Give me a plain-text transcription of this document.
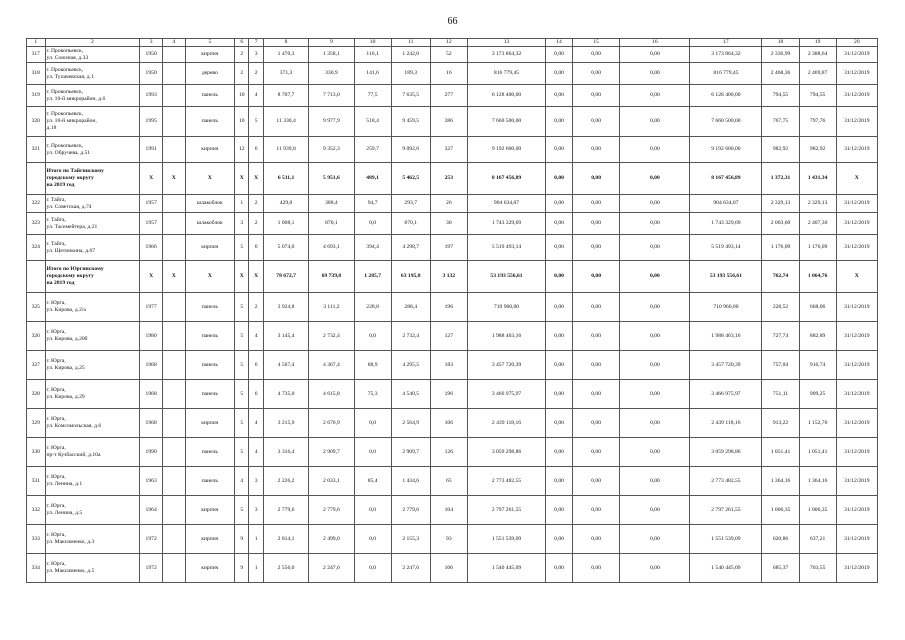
66
1	2	3	4	5	6	7	8	9	10	11	12	13	14	15	16	17	18	19	20
317	г. Прокопьевск,
ул. Союзная, д.33	1950		кирпич	2	3	1 470,3	1 358,1	116,1	1 242,0	52	3 173 864,32	0,00	0,00	0,00	3 173 864,32	2 336,99	2 388,64	31/12/2019
318	г. Прокопьевск,
ул. Тупачевская, д.1	1950		дерево	2	2	371,3	330,9	141,6	189,3	16	816 779,45	0,00	0,00	0,00	816 779,45	2 468,36	2 469,87	31/12/2019
319	г. Прокопьевск,
ул. 10-й микрорайон, д.6	1993		панель	10	4	8 707,7	7 713,0	77,5	7 635,5	277	6 128 400,00	0,00	0,00	0,00	6 128 400,00	794,55	794,55	31/12/2019
320	г. Прокопьевск,
ул. 10-й микрорайон,
д.18	1995		панель	10	5	11 330,4	9 977,9	518,4	9 459,5	386	7 660 500,00	0,00	0,00	0,00	7 660 500,00	767,75	797,76	31/12/2019
321	г. Прокопьевск,
ул. Обручева, д.51	1991		кирпич	12	6	11 939,8	9 352,3	259,7	9 092,6	327	9 192 600,00	0,00	0,00	0,00	9 192 600,00	982,92	982,92	31/12/2019
	Итого по Тайгинскому
городскому округу
на 2019 год	X	X	X	X	X	6 511,1	5 951,6	489,1	5 462,5	253	8 167 456,89	0,00	0,00	0,00	8 167 456,89	1 372,31	1 431,34	X
322	г. Тайга,
ул. Советская, д.74	1957		шлакоблок	1	2	429,0	388,4	94,7	293,7	26	904 634,07	0,00	0,00	0,00	904 634,07	2 329,13	2 329,13	31/12/2019
323	г. Тайга,
ул. Тасемейтера, д.21	1957		шлакоблок	3	2	1 008,1	870,1	0,0	870,1	30	1 743 329,69	0,00	0,00	0,00	1 743 329,69	2 003,60	2 407,30	31/12/2019
324	г. Тайга,
ул. Щетинкина, д.67	1966		кирпич	5	6	5 074,0	4 693,1	394,4	4 298,7	197	5 519 493,14	0,00	0,00	0,00	5 519 493,14	1 176,09	1 176,09	31/12/2019
	Итого по Юргинскому
городскому округу
на 2019 год	X	X	X	X	X	78 672,7	69 739,8	1 285,7	63 195,8	3 132	53 193 556,61	0,00	0,00	0,00	53 193 556,61	762,74	1 064,76	X
325	г. Юрга,
ул. Кирова, д.2/а	1977		панель	5	2	3 924,8	3 111,2	228,8	288,4	196	710 960,00	0,00	0,00	0,00	710 960,00	228,52	668,06	31/12/2019
326	г. Юрга,
ул. Кирова, д.20б	1980		панель	5	4	3 145,4	2 732,4	0,0	2 732,4	127	1 988 463,16	0,00	0,00	0,00	1 988 463,16	727,74	882,89	31/12/2019
327	г. Юрга,
ул. Кирова, д.25	1968		панель	5	6	4 567,4	4 367,4	88,9	4 295,5	183	3 457 720,39	0,00	0,00	0,00	3 457 720,39	757,04	916,74	31/12/2019
328	г. Юрга,
ул. Кирова, д.29	1968		панель	5	6	4 735,0	4 615,8	75,3	4 540,5	196	3 466 975,97	0,00	0,00	0,00	3 466 975,97	751,11	909,25	31/12/2019
329	г. Юрга,
ул. Комсомольская, д.6	1968		кирпич	5	4	3 215,9	2 670,9	0,0	2 564,9	106	2 439 118,16	0,00	0,00	0,00	2 439 118,16	913,22	1 152,70	31/12/2019
330	г. Юрга,
пр-т Кузбасский, д.10а	1990		панель	5	4	3 316,4	2 909,7	0,0	2 909,7	126	3 059 298,86	0,00	0,00	0,00	3 059 298,86	1 051,41	1 051,41	31/12/2019
331	г. Юрга,
ул. Ленина, д.1	1963		панель	4	3	2 226,2	2 033,1	85,4	1 434,6	65	2 773 482,55	0,00	0,00	0,00	2 773 482,55	1 364,16	1 364,16	31/12/2019
332	г. Юрга,
ул. Ленина, д.5	1964		кирпич	5	3	2 779,6	2 779,6	0,0	2 779,6	104	2 797 261,55	0,00	0,00	0,00	2 797 261,55	1 006,35	1 006,35	31/12/2019
333	г. Юрга,
ул. Максименко, д.3	1972		кирпич	9	1	2 814,1	2 499,0	0,0	2 155,3	93	1 551 539,09	0,00	0,00	0,00	1 551 539,09	620,86	637,21	31/12/2019
334	г. Юрга,
ул. Максименко, д.5	1972		кирпич	9	1	2 556,0	2 247,6	0,0	2 247,6	106	1 540 445,09	0,00	0,00	0,00	1 540 445,09	685,37	703,55	31/12/2019
